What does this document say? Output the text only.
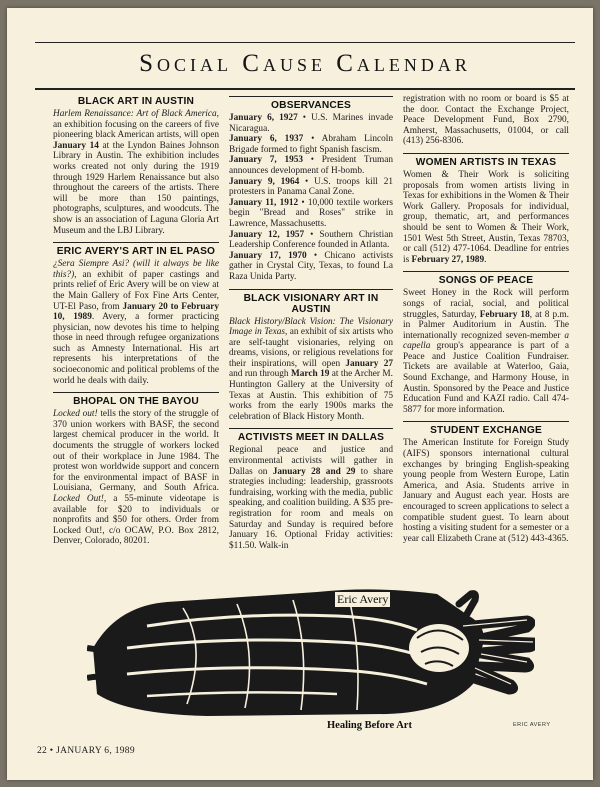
Social Cause Calendar
BLACK ART IN AUSTIN

Harlem Renaissance: Art of Black America, an exhibition focusing on the careers of five pioneering black American artists, will open January 14 at the Lyndon Baines Johnson Library in Austin. The exhibition includes works created not only during the 1919 through 1929 Harlem Renaissance but also throughout the careers of the artists. There will be more than 150 paintings, photographs, sculptures, and woodcuts. The show is an association of Laguna Gloria Art Museum and the LBJ Library.

ERIC AVERY'S ART IN EL PASO

¿Sera Siempre Asi? (will it always be like this?), an exhibit of paper castings and prints relief of Eric Avery will be on view at the Main Gallery of Fox Fine Arts Center, UT-El Paso, from January 20 to February 10, 1989. Avery, a former practicing physician, now devotes his time to helping those in need through refugee organizations such as Amnesty International. His art represents his interpretations of the socioeconomic and political problems of the world he deals with daily.

BHOPAL ON THE BAYOU

Locked out! tells the story of the struggle of 370 union workers with BASF, the second largest chemical producer in the world. It documents the struggle of workers locked out of their workplace in June 1984. The protest won worldwide support and concern for the environmental impact of BASF in Louisiana, Germany, and South Africa. Locked Out!, a 55-minute videotape is available for $20 to individuals or nonprofits and $50 for others. Order from Locked Out!, c/o OCAW, P.O. Box 2812, Denver, Colorado, 80201.

OBSERVANCES

January 6, 1927 • U.S. Marines invade Nicaragua.

January 6, 1937 • Abraham Lincoln Brigade formed to fight Spanish fascism.

January 7, 1953 • President Truman announces development of H-bomb.

January 9, 1964 • U.S. troops kill 21 protesters in Panama Canal Zone.

January 11, 1912 • 10,000 textile workers begin "Bread and Roses" strike in Lawrence, Massachusetts.

January 12, 1957 • Southern Christian Leadership Conference founded in Atlanta.

January 17, 1970 • Chicano activists gather in Crystal City, Texas, to found La Raza Unida Party.

BLACK VISIONARY ART IN AUSTIN

Black History/Black Vision: The Visionary Image in Texas, an exhibit of six artists who are self-taught visionaries, relying on dreams, visions, or religious revelations for their inspirations, will open January 27 and run through March 19 at the Archer M. Huntington Gallery at the University of Texas at Austin. This exhibition of 75 works from the early 1900s marks the celebration of Black History Month.

ACTIVISTS MEET IN DALLAS

Regional peace and justice and environmental activists will gather in Dallas on January 28 and 29 to share strategies including: leadership, grassroots fundraising, working with the media, public speaking, and coalition building. A $35 pre-registration for room and meals on Saturday and Sunday is required before January 16. Optional Friday activities: $11.50. Walk-in

registration with no room or board is $5 at the door. Contact the Exchange Project, Peace Development Fund, Box 2790, Amherst, Massachusetts, 01004, or call (413) 256-8306.

WOMEN ARTISTS IN TEXAS

Women & Their Work is soliciting proposals from women artists living in Texas for exhibitions in the Women & Their Work Gallery. Proposals for individual, group, thematic, art, and performances should be sent to Women & Their Work, 1501 West 5th Street, Austin, Texas 78703, or call (512) 477-1064. Deadline for entries is February 27, 1989.

SONGS OF PEACE

Sweet Honey in the Rock will perform songs of racial, social, and political struggles, Saturday, February 18, at 8 p.m. in Palmer Auditorium in Austin. The internationally recognized seven-member a capella group's appearance is part of a Peace and Justice Coalition Fundraiser. Tickets are available at Waterloo, Gaia, Sound Exchange, and Harmony House, in Austin. Sponsored by the Peace and Justice Education Fund and KAZI radio. Call 474-5877 for more information.

STUDENT EXCHANGE

The American Institute for Foreign Study (AIFS) sponsors international cultural exchanges by bringing English-speaking young people from Western Europe, Latin America, and Asia. Students arrive in January and August each year. Hosts are encouraged to screen applications to select a compatible student guest. To learn about hosting a visiting student for a semester or a year call Elizabeth Crane at (512) 443-4365.

Eric Avery
Healing Before Art	ERIC AVERY
22 • JANUARY 6, 1989
